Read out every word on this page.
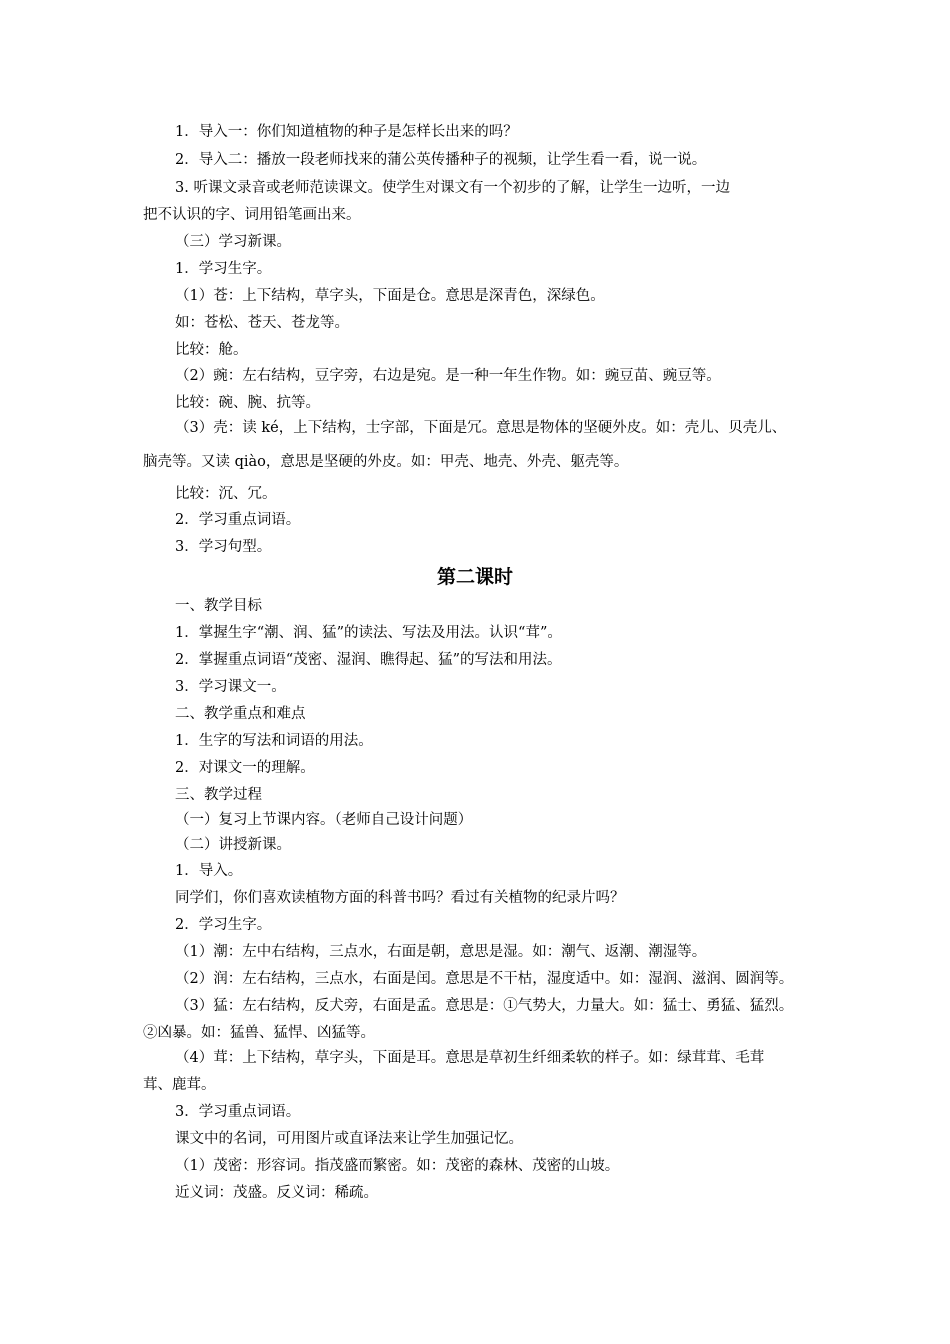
1．导入一：你们知道植物的种子是怎样长出来的吗？
2．导入二：播放一段老师找来的蒲公英传播种子的视频，让学生看一看，说一说。
3. 听课文录音或老师范读课文。使学生对课文有一个初步的了解，让学生一边听，一边
把不认识的字、词用铅笔画出来。
（三）学习新课。
1．学习生字。
（1）苍：上下结构，草字头，下面是仓。意思是深青色，深绿色。
如：苍松、苍天、苍龙等。
比较：舱。
（2）豌：左右结构，豆字旁，右边是宛。是一种一年生作物。如：豌豆苗、豌豆等。
比较：碗、腕、抗等。
（3）壳：读 ké，上下结构，士字部，下面是冗。意思是物体的坚硬外皮。如：壳儿、贝壳儿、
脑壳等。又读 qiào，意思是坚硬的外皮。如：甲壳、地壳、外壳、躯壳等。
比较：沉、冗。
2．学习重点词语。
3．学习句型。
第二课时
一、教学目标
1．掌握生字“潮、润、猛”的读法、写法及用法。认识“茸”。
2．掌握重点词语“茂密、湿润、瞧得起、猛”的写法和用法。
3．学习课文一。
二、教学重点和难点
1．生字的写法和词语的用法。
2．对课文一的理解。
三、教学过程
（一）复习上节课内容。（老师自己设计问题）
（二）讲授新课。
1．导入。
同学们，你们喜欢读植物方面的科普书吗？看过有关植物的纪录片吗？
2．学习生字。
（1）潮：左中右结构，三点水，右面是朝，意思是湿。如：潮气、返潮、潮湿等。
（2）润：左右结构，三点水，右面是闰。意思是不干枯，湿度适中。如：湿润、滋润、圆润等。
（3）猛：左右结构，反犬旁，右面是孟。意思是：①气势大，力量大。如：猛士、勇猛、猛烈。
②凶暴。如：猛兽、猛悍、凶猛等。
（4）茸：上下结构，草字头，下面是耳。意思是草初生纤细柔软的样子。如：绿茸茸、毛茸
茸、鹿茸。
3．学习重点词语。
课文中的名词，可用图片或直译法来让学生加强记忆。
（1）茂密：形容词。指茂盛而繁密。如：茂密的森林、茂密的山坡。
近义词：茂盛。反义词：稀疏。
